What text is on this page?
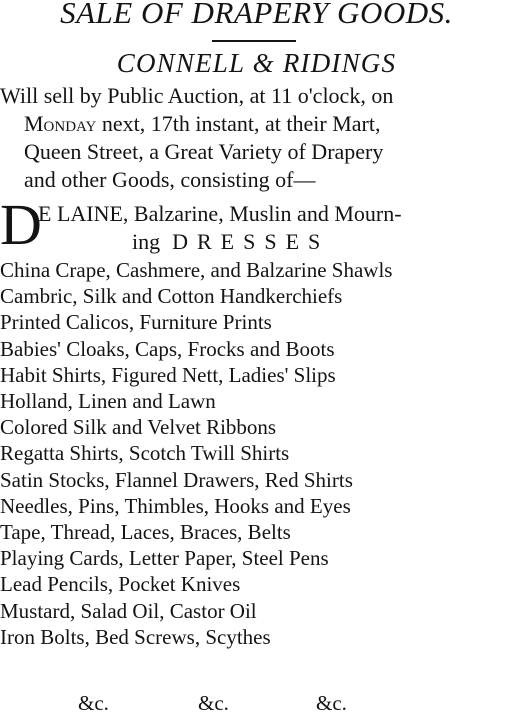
SALE OF DRAPERY GOODS.
CONNELL & RIDINGS
Will sell by Public Auction, at 11 o'clock, on
Monday next, 17th instant, at their Mart,
Queen Street, a Great Variety of Drapery
and other Goods, consisting of—
D
E LAINE, Balzarine, Muslin and Mourn-
ing DRESSES
China Crape, Cashmere, and Balzarine Shawls
Cambric, Silk and Cotton Handkerchiefs
Printed Calicos, Furniture Prints
Babies' Cloaks, Caps, Frocks and Boots
Habit Shirts, Figured Nett, Ladies' Slips
Holland, Linen and Lawn
Colored Silk and Velvet Ribbons
Regatta Shirts, Scotch Twill Shirts
Satin Stocks, Flannel Drawers, Red Shirts
Needles, Pins, Thimbles, Hooks and Eyes
Tape, Thread, Laces, Braces, Belts
Playing Cards, Letter Paper, Steel Pens
Lead Pencils, Pocket Knives
Mustard, Salad Oil, Castor Oil
Iron Bolts, Bed Screws, Scythes
&c.	&c.	&c.
